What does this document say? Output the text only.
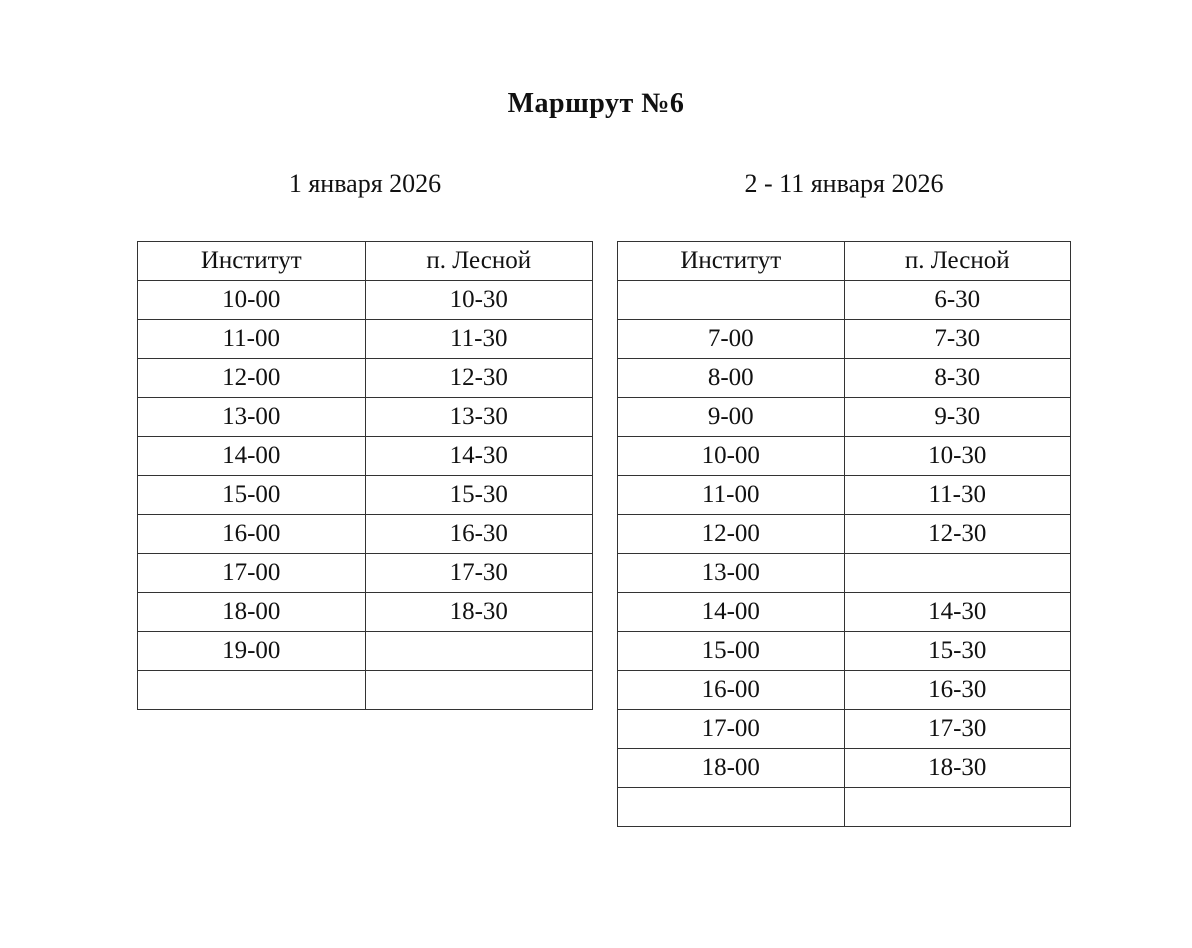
Маршрут №6
1 января 2026	2 - 11 января 2026
Институт	п. Лесной
10-00	10-30
11-00	11-30
12-00	12-30
13-00	13-30
14-00	14-30
15-00	15-30
16-00	16-30
17-00	17-30
18-00	18-30
19-00	

Институт	п. Лесной
	6-30
7-00	7-30
8-00	8-30
9-00	9-30
10-00	10-30
11-00	11-30
12-00	12-30
13-00	
14-00	14-30
15-00	15-30
16-00	16-30
17-00	17-30
18-00	18-30
